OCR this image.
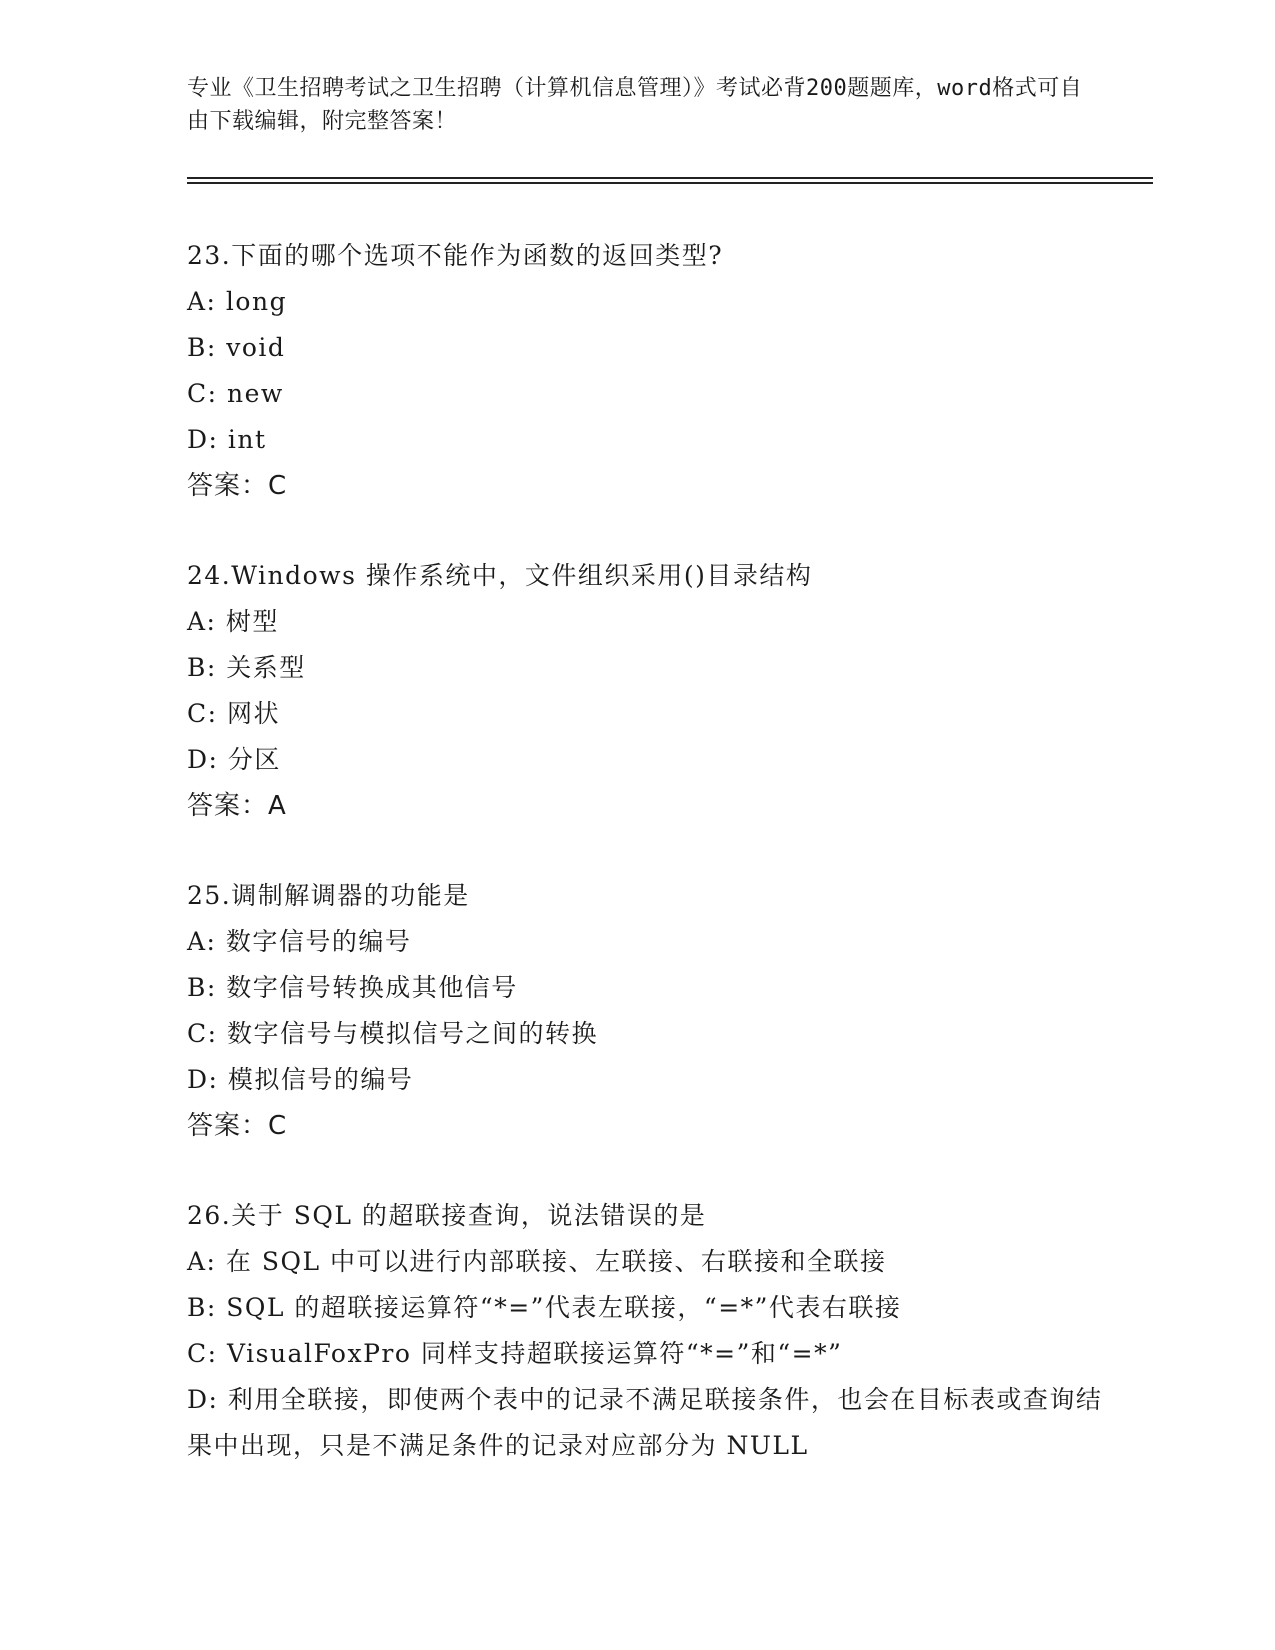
专业《卫生招聘考试之卫生招聘（计算机信息管理）》考试必背200题题库，word格式可自由下载编辑，附完整答案！
23.下面的哪个选项不能作为函数的返回类型?
A: long
B: void
C: new
D: int
答案：C
24.Windows 操作系统中，文件组织采用()目录结构
A: 树型
B: 关系型
C: 网状
D: 分区
答案：A
25.调制解调器的功能是
A: 数字信号的编号
B: 数字信号转换成其他信号
C: 数字信号与模拟信号之间的转换
D: 模拟信号的编号
答案：C
26.关于 SQL 的超联接查询，说法错误的是
A: 在 SQL 中可以进行内部联接、左联接、右联接和全联接
B: SQL 的超联接运算符“*=”代表左联接，“=*”代表右联接
C: VisualFoxPro 同样支持超联接运算符“*=”和“=*”
D: 利用全联接，即使两个表中的记录不满足联接条件，也会在目标表或查询结果中出现，只是不满足条件的记录对应部分为 NULL
